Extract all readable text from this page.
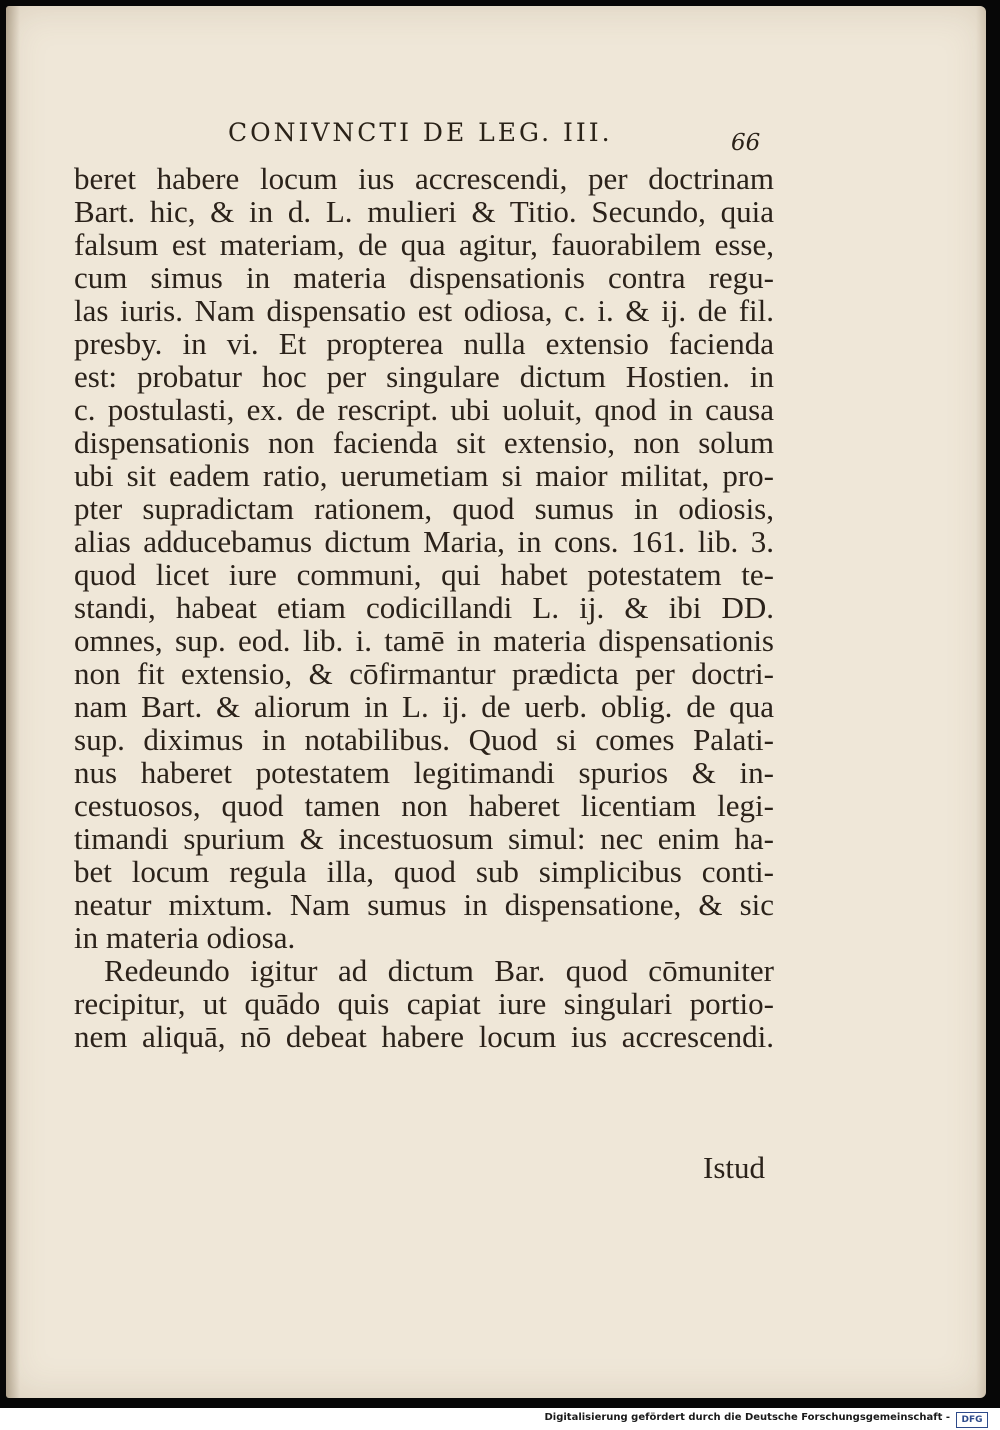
CONIVNCTI DE LEG. III.	66
beret habere locum ius accrescendi, per doctrinam
Bart. hic, & in d. L. mulieri & Titio. Secundo, quia
falsum est materiam, de qua agitur, fauorabilem esse,
cum simus in materia dispensationis contra regu-
las iuris. Nam dispensatio est odiosa, c. i. & ij. de fil.
presby. in vi. Et propterea nulla extensio facienda
est: probatur hoc per singulare dictum Hostien. in
c. postulasti, ex. de rescript. ubi uoluit, qnod in causa
dispensationis non facienda sit extensio, non solum
ubi sit eadem ratio, uerumetiam si maior militat, pro-
pter supradictam rationem, quod sumus in odiosis,
alias adducebamus dictum Maria, in cons. 161. lib. 3.
quod licet iure communi, qui habet potestatem te-
standi, habeat etiam codicillandi L. ij. & ibi DD.
omnes, sup. eod. lib. i. tamē in materia dispensationis
non fit extensio, & cōfirmantur prædicta per doctri-
nam Bart. & aliorum in L. ij. de uerb. oblig. de qua
sup. diximus in notabilibus. Quod si comes Palati-
nus haberet potestatem legitimandi spurios & in-
cestuosos, quod tamen non haberet licentiam legi-
timandi spurium & incestuosum simul: nec enim ha-
bet locum regula illa, quod sub simplicibus conti-
neatur mixtum. Nam sumus in dispensatione, & sic
in materia odiosa.
Redeundo igitur ad dictum Bar. quod cōmuniter
recipitur, ut quādo quis capiat iure singulari portio-
nem aliquā, nō debeat habere locum ius accrescendi.
Istud
Digitalisierung gefördert durch die Deutsche Forschungsgemeinschaft -	DFG
